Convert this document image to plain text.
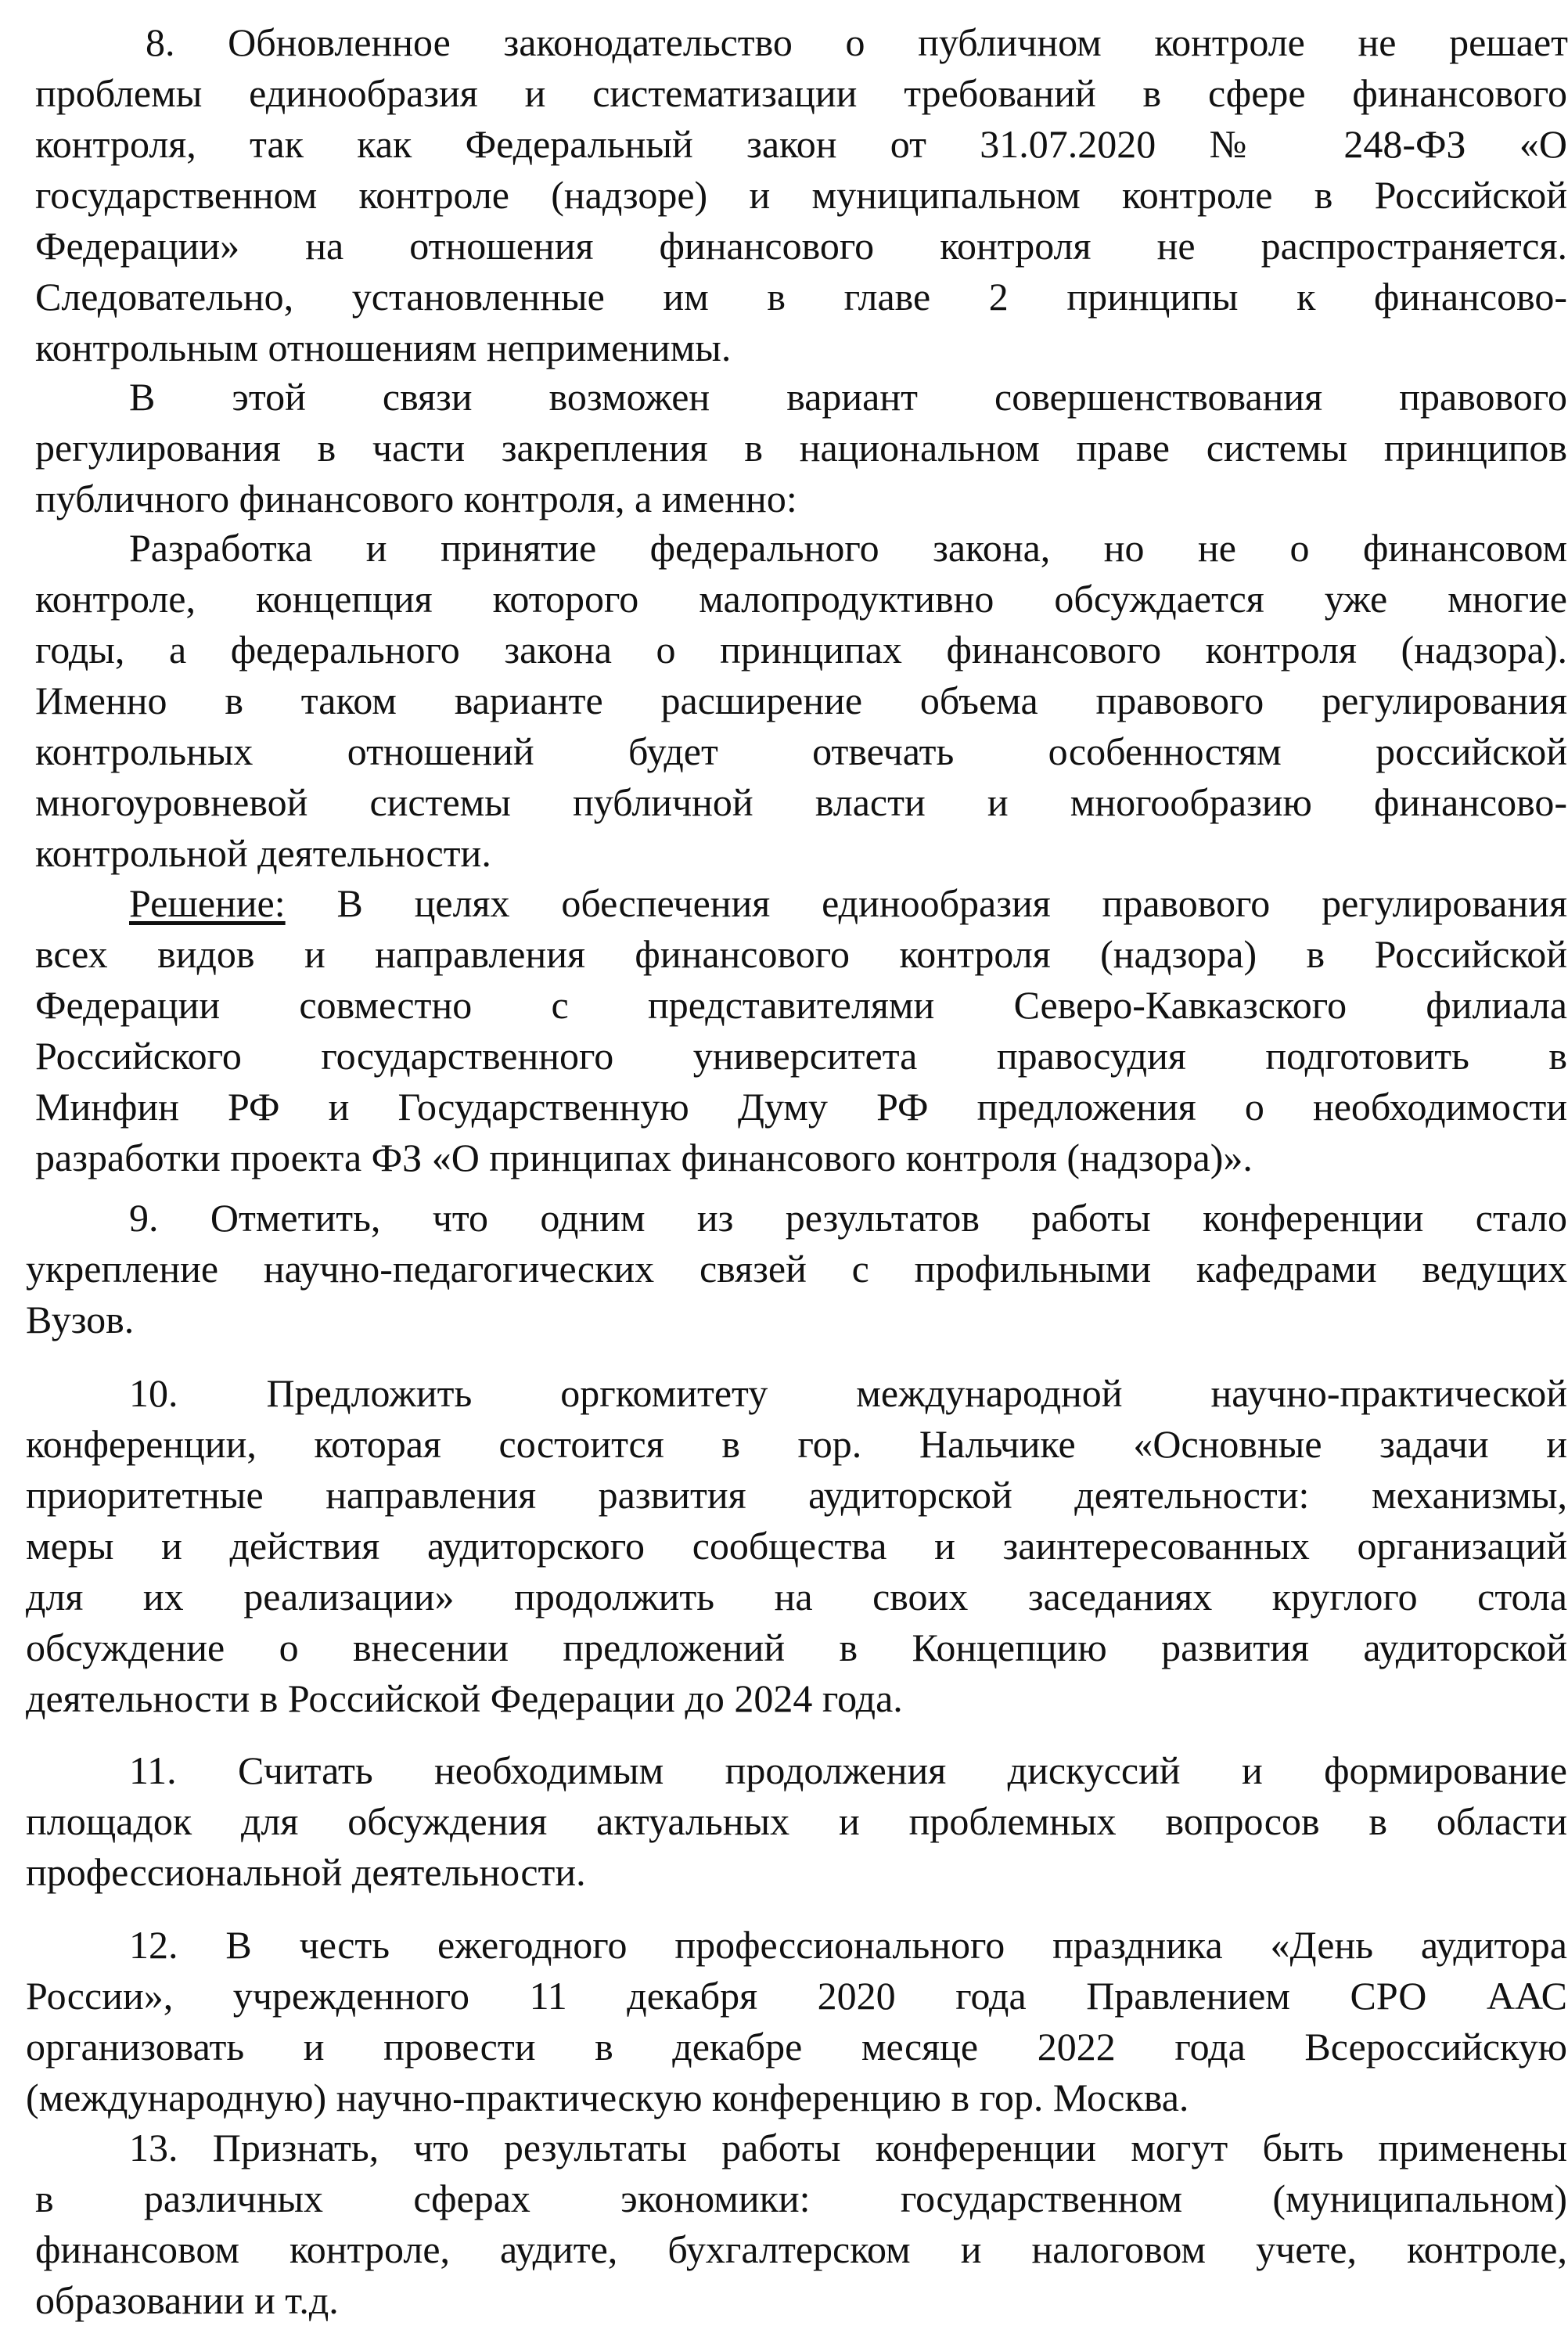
8. Обновленное законодательство о публичном контроле не решает
проблемы единообразия и систематизации требований в сфере финансового
контроля, так как Федеральный закон от 31.07.2020 № 248-ФЗ «О
государственном контроле (надзоре) и муниципальном контроле в Российской
Федерации» на отношения финансового контроля не распространяется.
Следовательно, установленные им в главе 2 принципы к финансово-
контрольным отношениям неприменимы.
В этой связи возможен вариант совершенствования правового
регулирования в части закрепления в национальном праве системы принципов
публичного финансового контроля, а именно:
Разработка и принятие федерального закона, но не о финансовом
контроле, концепция которого малопродуктивно обсуждается уже многие
годы, а федерального закона о принципах финансового контроля (надзора).
Именно в таком варианте расширение объема правового регулирования
контрольных отношений будет отвечать особенностям российской
многоуровневой системы публичной власти и многообразию финансово-
контрольной деятельности.
Решение: В целях обеспечения единообразия правового регулирования
всех видов и направления финансового контроля (надзора) в Российской
Федерации совместно с представителями Северо-Кавказского филиала
Российского государственного университета правосудия подготовить в
Минфин РФ и Государственную Думу РФ предложения о необходимости
разработки проекта ФЗ «О принципах финансового контроля (надзора)».
9. Отметить, что одним из результатов работы конференции стало
укрепление научно-педагогических связей с профильными кафедрами ведущих
Вузов.
10. Предложить оргкомитету международной научно-практической
конференции, которая состоится в гор. Нальчике «Основные задачи и
приоритетные направления развития аудиторской деятельности: механизмы,
меры и действия аудиторского сообщества и заинтересованных организаций
для их реализации» продолжить на своих заседаниях круглого стола
обсуждение о внесении предложений в Концепцию развития аудиторской
деятельности в Российской Федерации до 2024 года.
11. Считать необходимым продолжения дискуссий и формирование
площадок для обсуждения актуальных и проблемных вопросов в области
профессиональной деятельности.
12. В честь ежегодного профессионального праздника «День аудитора
России», учрежденного 11 декабря 2020 года Правлением СРО ААС
организовать и провести в декабре месяце 2022 года Всероссийскую
(международную) научно-практическую конференцию в гор. Москва.
13. Признать, что результаты работы конференции могут быть применены
в различных сферах экономики: государственном (муниципальном)
финансовом контроле, аудите, бухгалтерском и налоговом учете, контроле,
образовании и т.д.
